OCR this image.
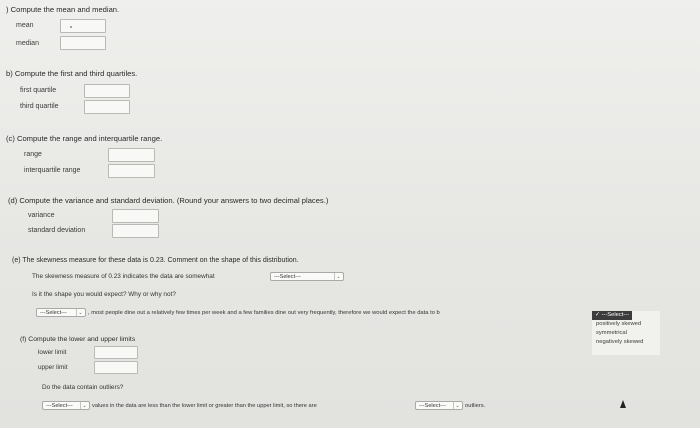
) Compute the mean and median.
mean
median
b) Compute the first and third quartiles.
first quartile
third quartile
(c) Compute the range and interquartile range.
range
interquartile range
(d) Compute the variance and standard deviation. (Round your answers to two decimal places.)
variance
standard deviation
(e) The skewness measure for these data is 0.23. Comment on the shape of this distribution.
The skewness measure of 0.23 indicates the data are somewhat	---Select---	⌄
Is it the shape you would expect? Why or why not?
---Select---	⌄ , most people dine out a relatively few times per week and a few families dine out very frequently, therefore we would expect the data to b	✓ ---Select---
positively skewed
symmetrical
negatively skewed
(f) Compute the lower and upper limits
lower limit
upper limit
Do the data contain outliers?
---Select---	⌄ values in the data are less than the lower limit or greater than the upper limit, so there are	---Select---	⌄ outliers.
